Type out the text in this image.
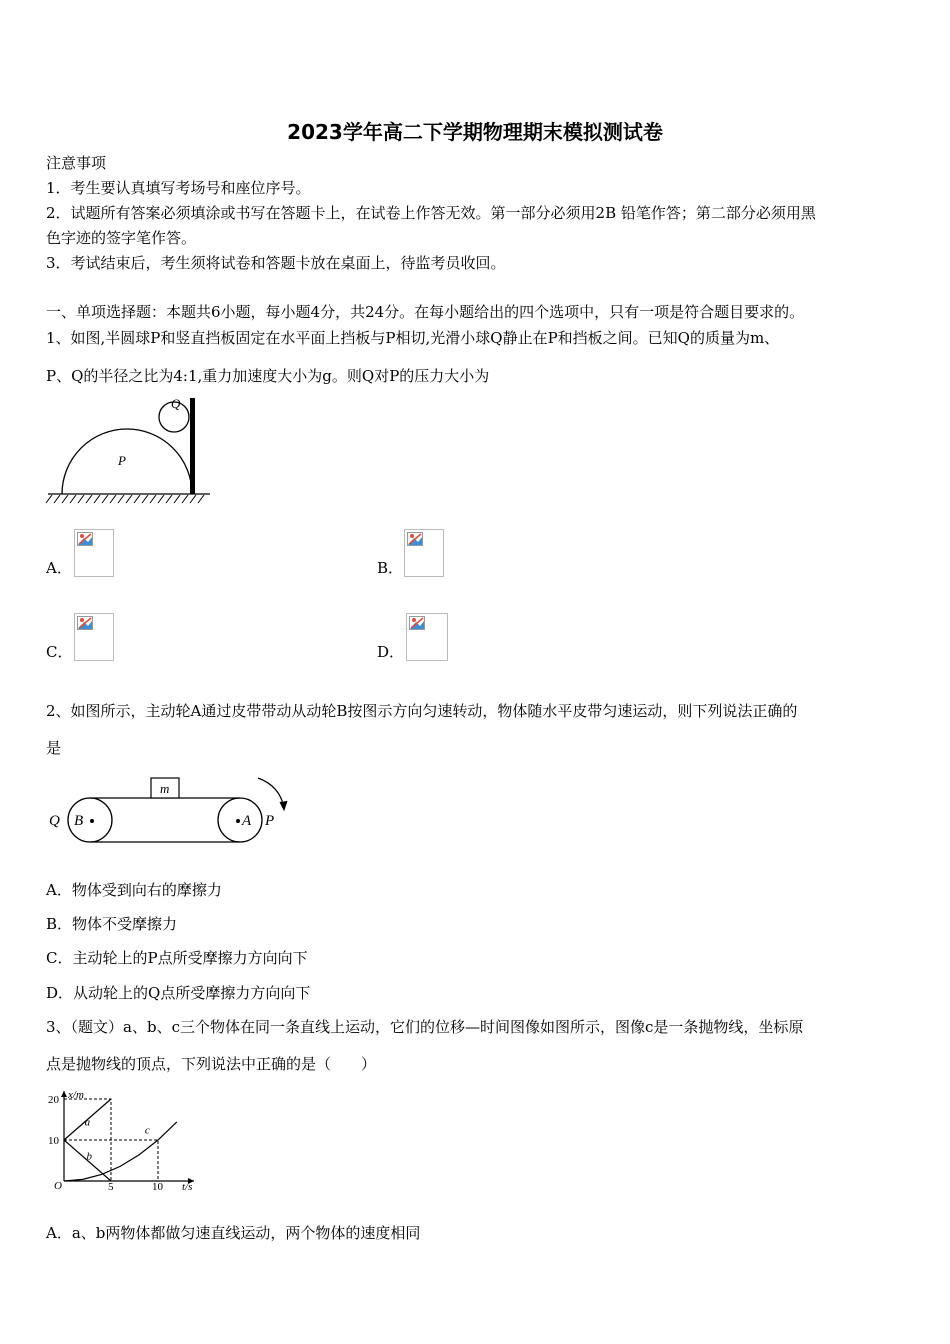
2023学年高二下学期物理期末模拟测试卷
注意事项
1．考生要认真填写考场号和座位序号。
2．试题所有答案必须填涂或书写在答题卡上，在试卷上作答无效。第一部分必须用2B 铅笔作答；第二部分必须用黑
色字迹的签字笔作答。
3．考试结束后，考生须将试卷和答题卡放在桌面上，待监考员收回。
一、单项选择题：本题共6小题，每小题4分，共24分。在每小题给出的四个选项中，只有一项是符合题目要求的。
1、如图,半圆球P和竖直挡板固定在水平面上挡板与P相切,光滑小球Q静止在P和挡板之间。已知Q的质量为m、
P、Q的半径之比为4:1,重力加速度大小为g。则Q对P的压力大小为
Q
P
A．	B．
C．	D．
2、如图所示，主动轮A通过皮带带动从动轮B按图示方向匀速转动，物体随水平皮带匀速运动，则下列说法正确的
是
m
Q B	A P
A．物体受到向右的摩擦力
B．物体不受摩擦力
C．主动轮上的P点所受摩擦力方向向下
D．从动轮上的Q点所受摩擦力方向向下
3、（题文）a、b、c三个物体在同一条直线上运动，它们的位移—时间图像如图所示，图像c是一条抛物线，坐标原
点是抛物线的顶点，下列说法中正确的是（　　）
x/m
t/s
O
10
20
5	10
a
b
c
A．a、b两物体都做匀速直线运动，两个物体的速度相同
